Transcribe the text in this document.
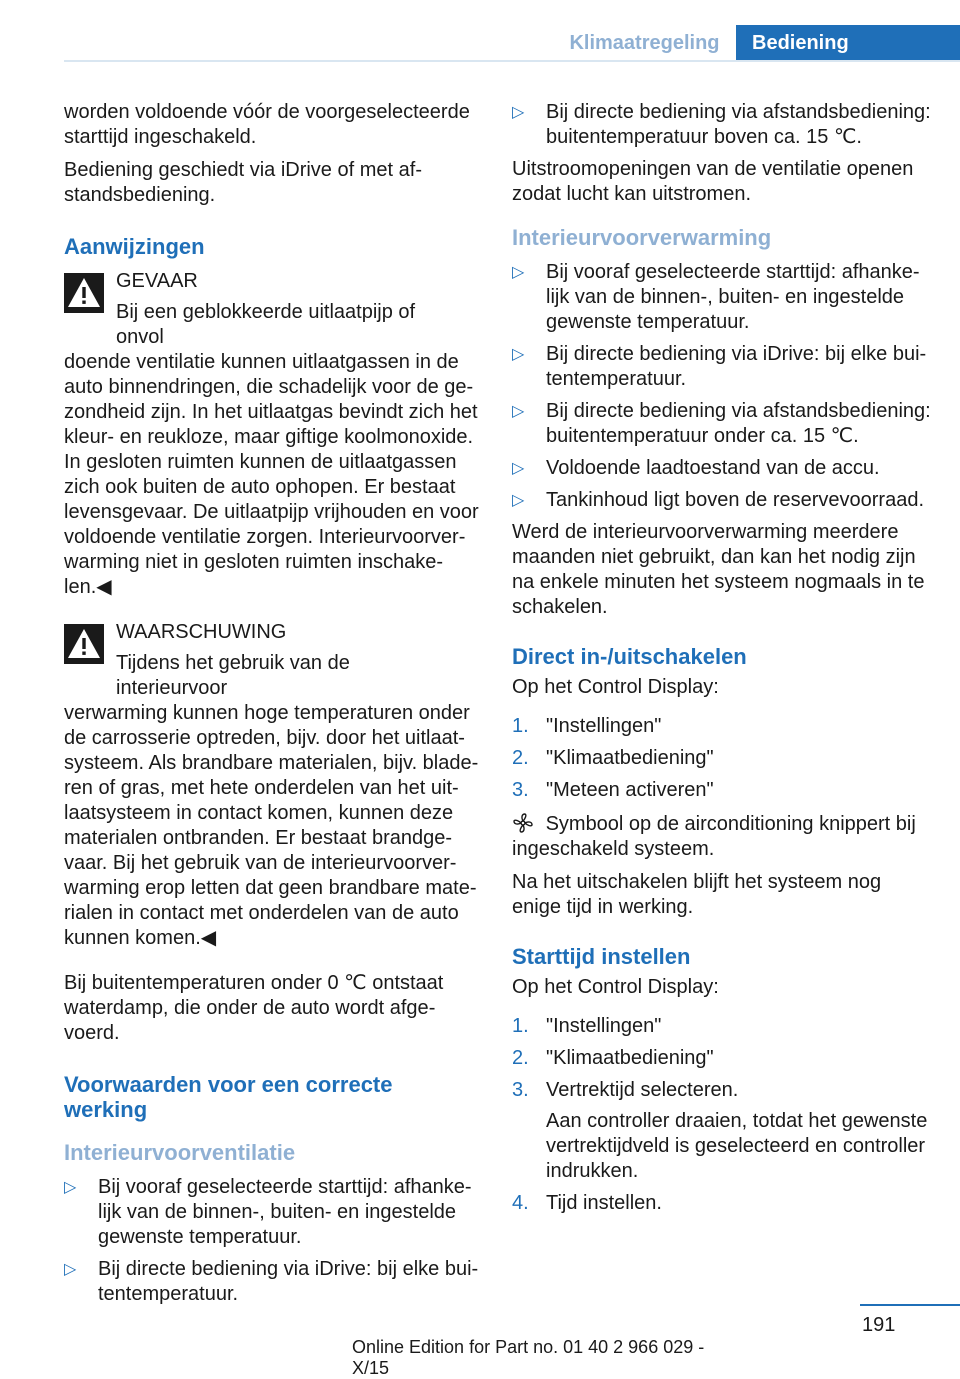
Klimaatregeling	Bediening

worden voldoende vóór de voorgeselecteerde starttijd ingeschakeld.

Bediening geschiedt via iDrive of met afstandsbediening.

Aanwijzingen
GEVAAR
Bij een geblokkeerde uitlaatpijp of onvol
doende ventilatie kunnen uitlaatgassen in de auto binnendringen, die schadelijk voor de gezondheid zijn. In het uitlaatgas bevindt zich het kleur- en reukloze, maar giftige koolmonoxide. In gesloten ruimten kunnen de uitlaatgassen zich ook buiten de auto ophopen. Er bestaat levensgevaar. De uitlaatpijp vrijhouden en voor voldoende ventilatie zorgen. Interieurvoorverwarming niet in gesloten ruimten inschakelen.◀
WAARSCHUWING
Tijdens het gebruik van de interieurvoor
verwarming kunnen hoge temperaturen onder de carrosserie optreden, bijv. door het uitlaatsysteem. Als brandbare materialen, bijv. bladeren of gras, met hete onderdelen van het uitlaatsysteem in contact komen, kunnen deze materialen ontbranden. Er bestaat brandgevaar. Bij het gebruik van de interieurvoorverwarming erop letten dat geen brandbare materialen in contact met onderdelen van de auto kunnen komen.◀

Bij buitentemperaturen onder 0 ℃ ontstaat waterdamp, die onder de auto wordt afgevoerd.

Voorwaarden voor een correcte werking
Interieurvoorventilatie
▷	Bij vooraf geselecteerde starttijd: afhankelijk van de binnen-, buiten- en ingestelde gewenste temperatuur.
▷	Bij directe bediening via iDrive: bij elke buitentemperatuur.
▷	Bij directe bediening via afstandsbediening: buitentemperatuur boven ca. 15 ℃.

Uitstroomopeningen van de ventilatie openen zodat lucht kan uitstromen.

Interieurvoorverwarming
▷	Bij vooraf geselecteerde starttijd: afhankelijk van de binnen-, buiten- en ingestelde gewenste temperatuur.
▷	Bij directe bediening via iDrive: bij elke buitentemperatuur.
▷	Bij directe bediening via afstandsbediening: buitentemperatuur onder ca. 15 ℃.
▷	Voldoende laadtoestand van de accu.
▷	Tankinhoud ligt boven de reservevoorraad.

Werd de interieurvoorverwarming meerdere maanden niet gebruikt, dan kan het nodig zijn na enkele minuten het systeem nogmaals in te schakelen.

Direct in-/uitschakelen

Op het Control Display:

1. "Instellingen"
2. "Klimaatbediening"
3. "Meteen activeren"

Symbool op de airconditioning knippert bij ingeschakeld systeem.

Na het uitschakelen blijft het systeem nog enige tijd in werking.

Starttijd instellen

Op het Control Display:

1. "Instellingen"
2. "Klimaatbediening"
3. Vertrektijd selecteren.
Aan controller draaien, totdat het gewenste vertrektijdveld is geselecteerd en controller indrukken.
4. Tijd instellen.
191
Online Edition for Part no. 01 40 2 966 029 - X/15
